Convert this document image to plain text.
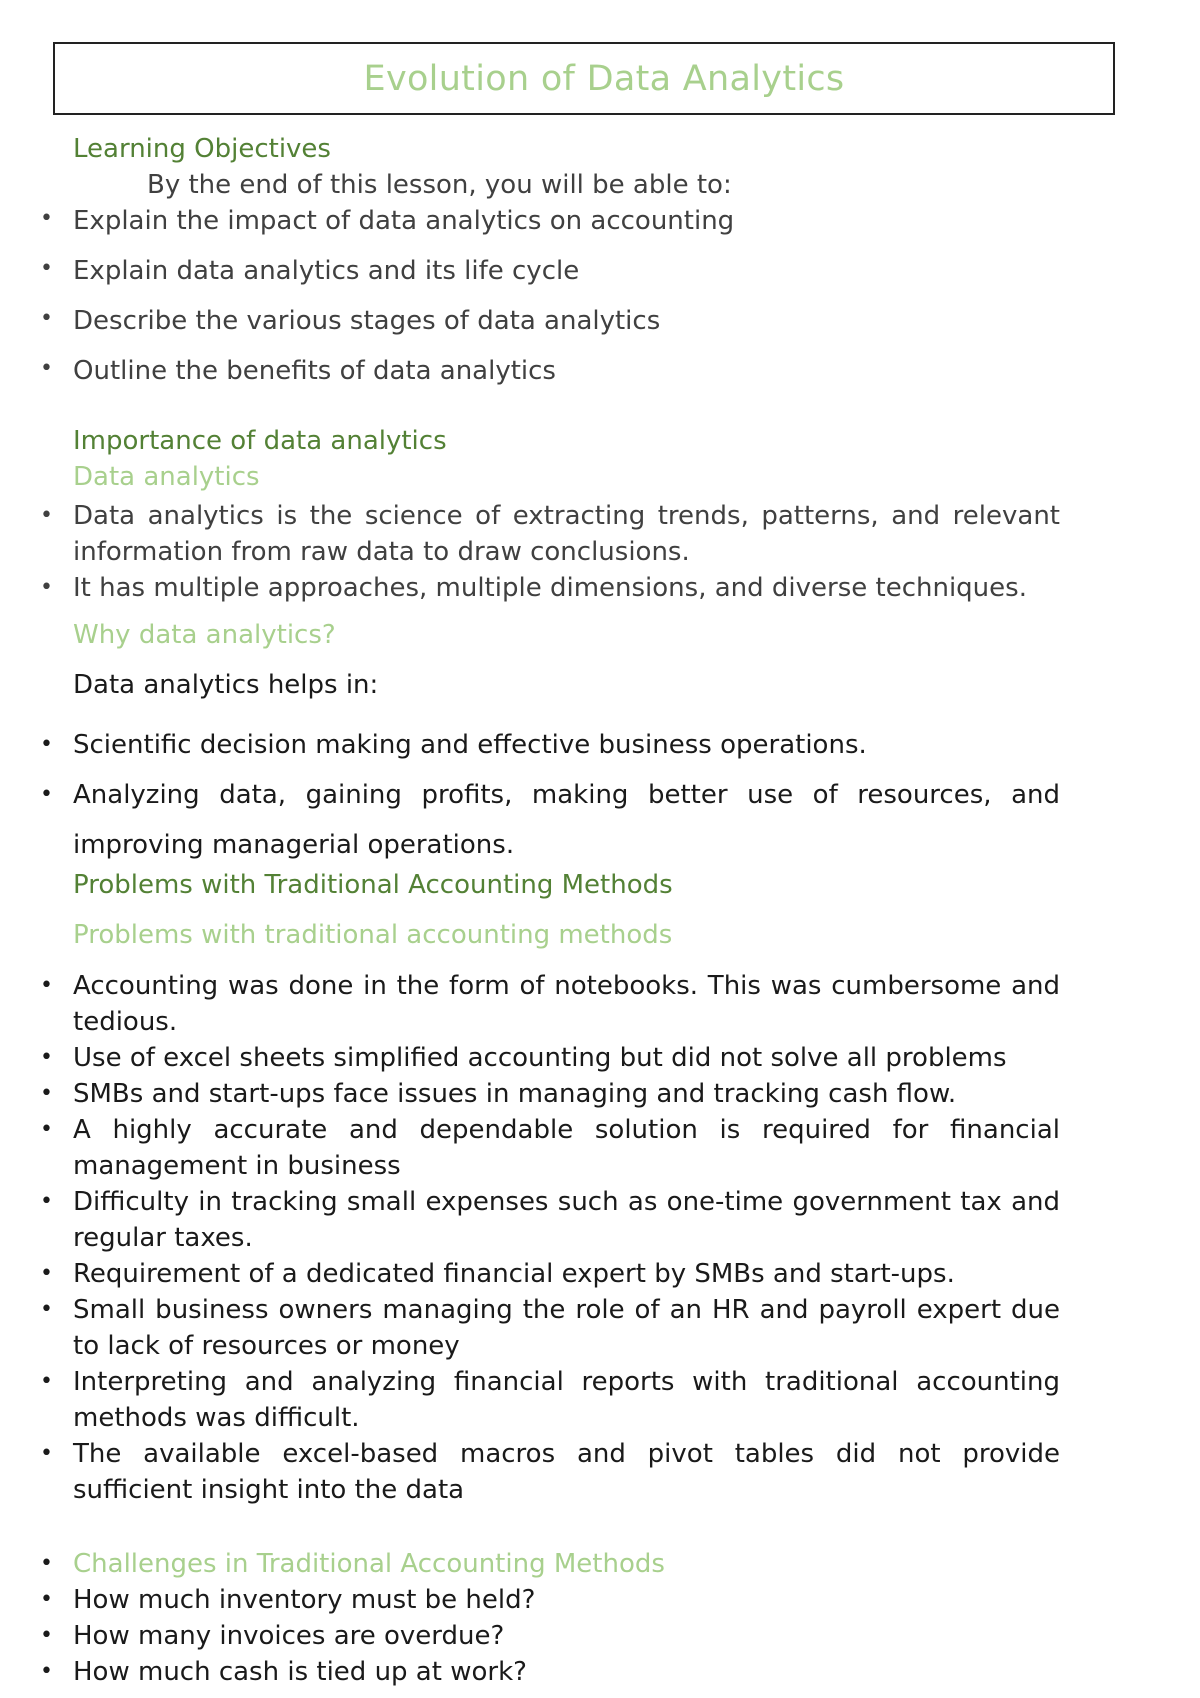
Evolution of Data Analytics
Learning Objectives
By the end of this lesson, you will be able to:
• Explain the impact of data analytics on accounting
• Explain data analytics and its life cycle
• Describe the various stages of data analytics
• Outline the benefits of data analytics
Importance of data analytics
Data analytics
• Data analytics is the science of extracting trends, patterns, and relevant information from raw data to draw conclusions.
• It has multiple approaches, multiple dimensions, and diverse techniques.
Why data analytics?
Data analytics helps in:
• Scientific decision making and effective business operations.
• Analyzing data, gaining profits, making better use of resources, and improving managerial operations.
Problems with Traditional Accounting Methods
Problems with traditional accounting methods
• Accounting was done in the form of notebooks. This was cumbersome and tedious.
• Use of excel sheets simplified accounting but did not solve all problems
• SMBs and start-ups face issues in managing and tracking cash flow.
• A highly accurate and dependable solution is required for financial management in business
• Difficulty in tracking small expenses such as one-time government tax and regular taxes.
• Requirement of a dedicated financial expert by SMBs and start-ups.
• Small business owners managing the role of an HR and payroll expert due to lack of resources or money
• Interpreting and analyzing financial reports with traditional accounting methods was difficult.
• The available excel-based macros and pivot tables did not provide sufficient insight into the data
• Challenges in Traditional Accounting Methods
• How much inventory must be held?
• How many invoices are overdue?
• How much cash is tied up at work?
